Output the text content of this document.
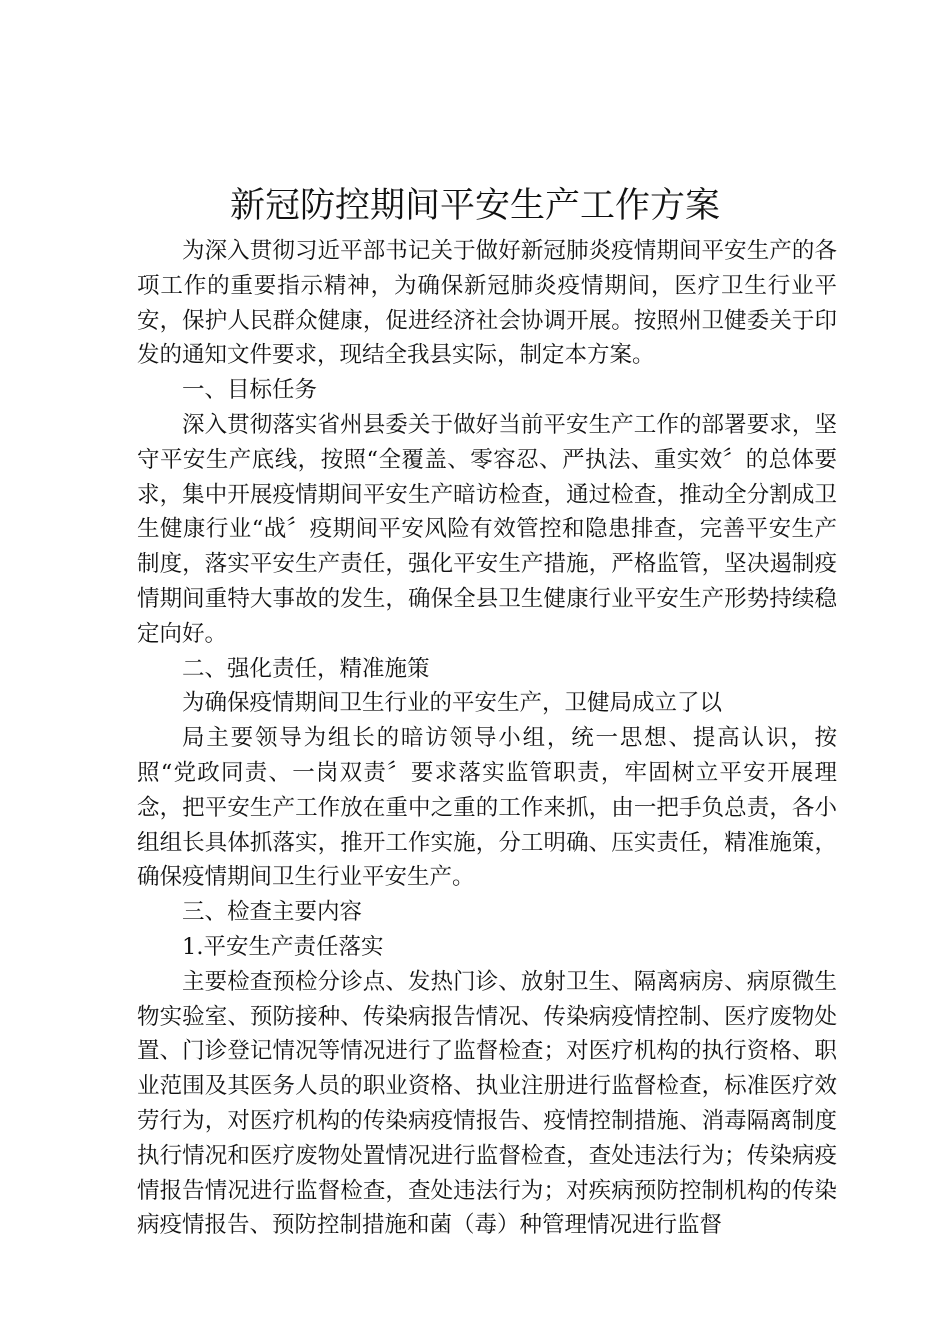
新冠防控期间平安生产工作方案

为深入贯彻习近平部书记关于做好新冠肺炎疫情期间平安生产的各项工作的重要指示精神，为确保新冠肺炎疫情期间，医疗卫生行业平安，保护人民群众健康，促进经济社会协调开展。按照州卫健委关于印发的通知文件要求，现结全我县实际，制定本方案。

一、目标任务

深入贯彻落实省州县委关于做好当前平安生产工作的部署要求，坚守平安生产底线，按照“全覆盖、零容忍、严执法、重实效〞的总体要求，集中开展疫情期间平安生产暗访检查，通过检查，推动全分割成卫生健康行业“战〞疫期间平安风险有效管控和隐患排查，完善平安生产制度，落实平安生产责任，强化平安生产措施，严格监管，坚决遏制疫情期间重特大事故的发生，确保全县卫生健康行业平安生产形势持续稳定向好。

二、强化责任，精准施策

为确保疫情期间卫生行业的平安生产，卫健局成立了以

局主要领导为组长的暗访领导小组，统一思想、提高认识，按照“党政同责、一岗双责〞要求落实监管职责，牢固树立平安开展理念，把平安生产工作放在重中之重的工作来抓，由一把手负总责，各小组组长具体抓落实，推开工作实施，分工明确、压实责任，精准施策，确保疫情期间卫生行业平安生产。

三、检查主要内容

1.平安生产责任落实

主要检查预检分诊点、发热门诊、放射卫生、隔离病房、病原微生物实验室、预防接种、传染病报告情况、传染病疫情控制、医疗废物处置、门诊登记情况等情况进行了监督检查；对医疗机构的执行资格、职业范围及其医务人员的职业资格、执业注册进行监督检查，标准医疗效劳行为，对医疗机构的传染病疫情报告、疫情控制措施、消毒隔离制度执行情况和医疗废物处置情况进行监督检查，查处违法行为；传染病疫情报告情况进行监督检查，查处违法行为；对疾病预防控制机构的传染病疫情报告、预防控制措施和菌（毒）种管理情况进行监督
